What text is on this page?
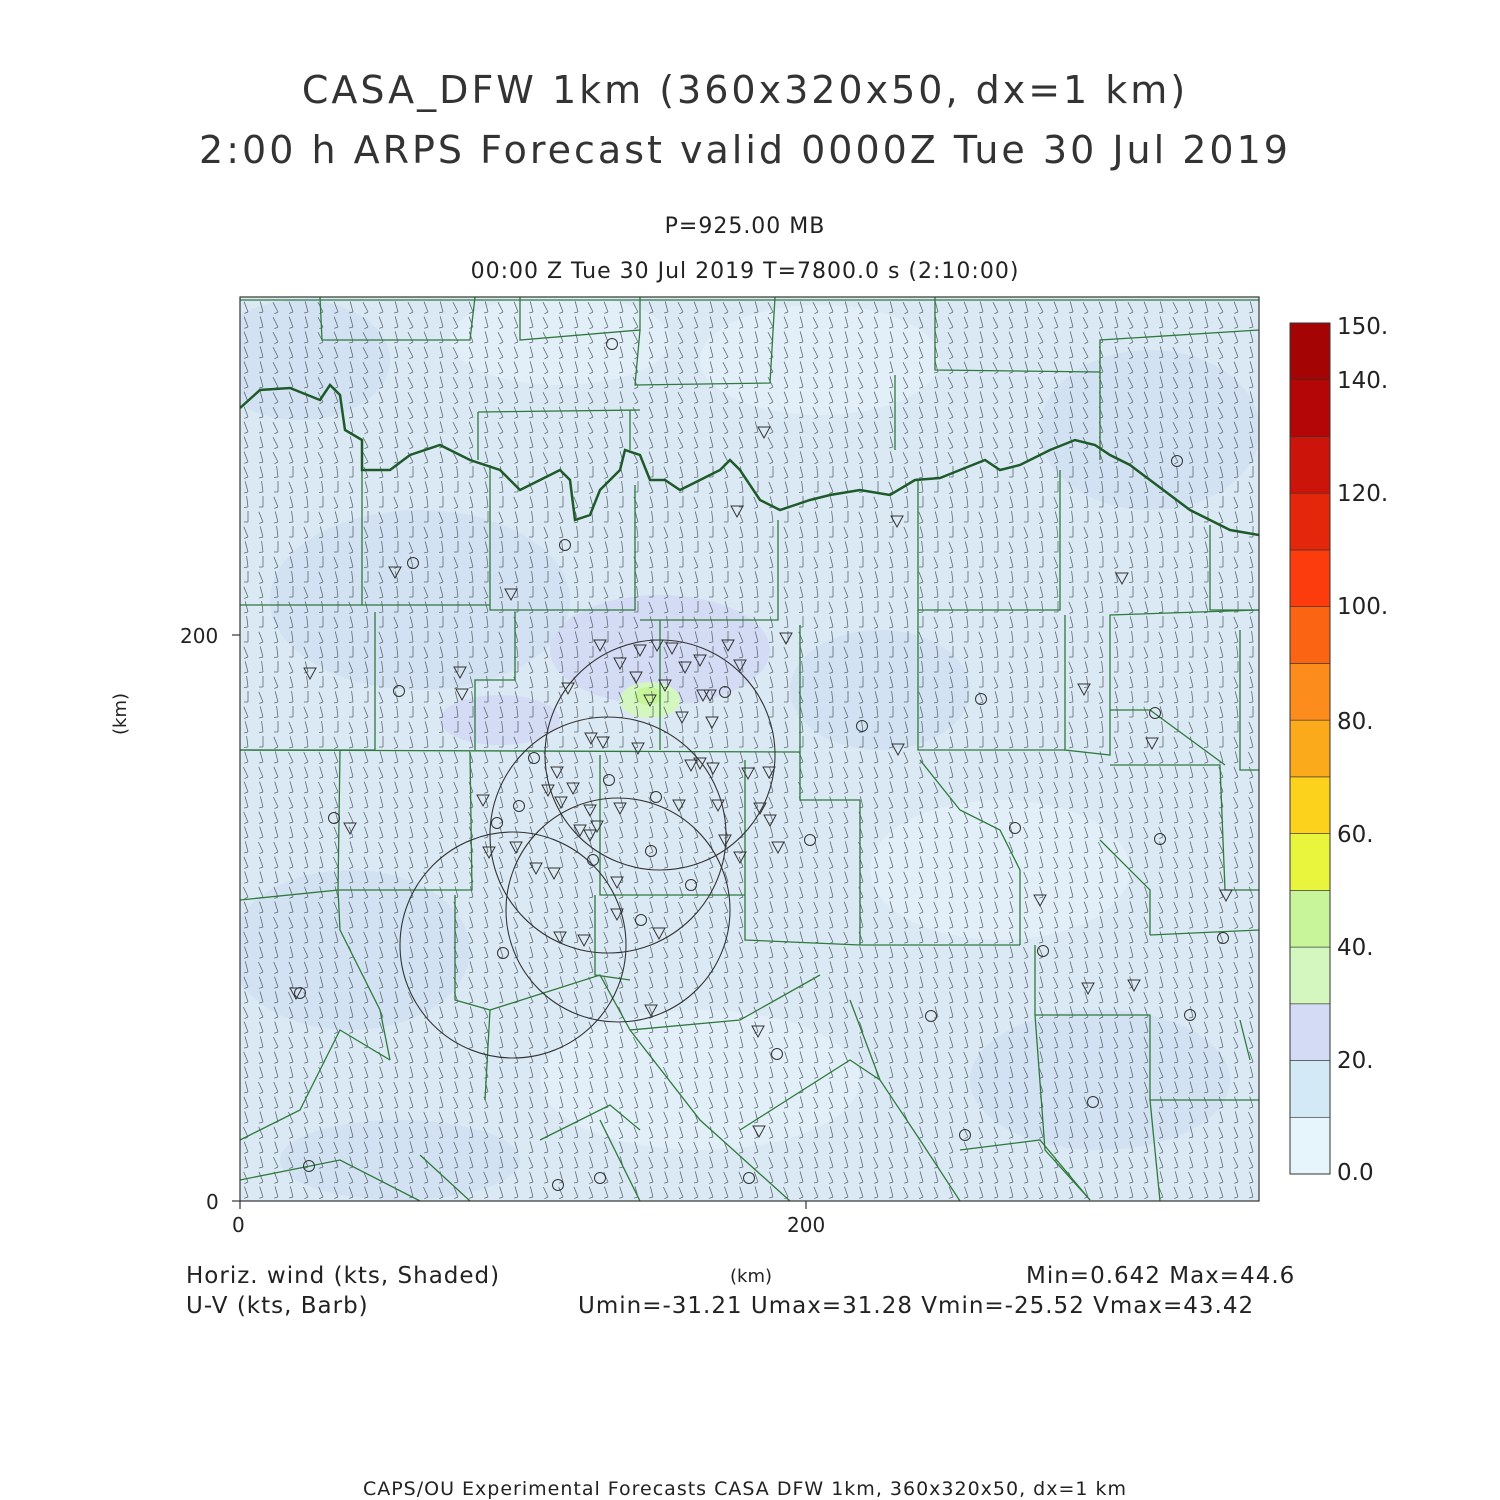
CASA_DFW 1km (360x320x50, dx=1 km)
2:00 h ARPS Forecast valid 0000Z Tue 30 Jul 2019
P=925.00 MB
00:00 Z Tue 30 Jul 2019 T=7800.0 s (2:10:00)
(km)
(km)
200
0
0	200
Horiz. wind (kts, Shaded)
U-V (kts, Barb)
Min=0.642 Max=44.6
Umin=-31.21 Umax=31.28 Vmin=-25.52 Vmax=43.42
CAPS/OU Experimental Forecasts CASA DFW 1km, 360x320x50, dx=1 km
0.0
20.
40.
60.
80.
100.
120.
140.
150.
